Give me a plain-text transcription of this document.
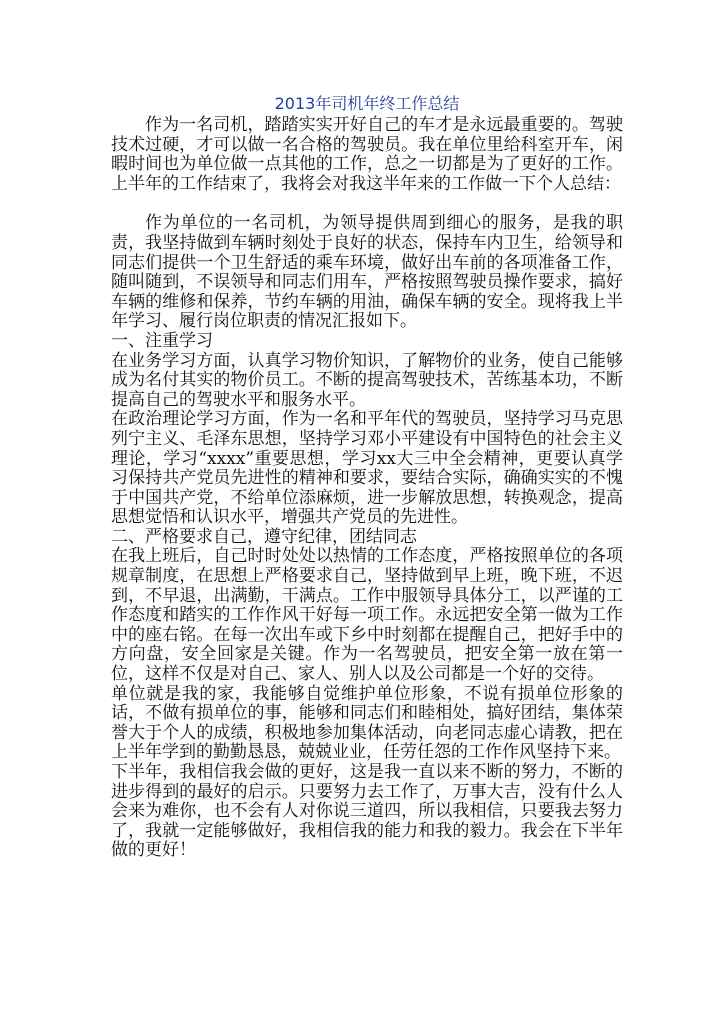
2013年司机年终工作总结

作为一名司机，踏踏实实开好自己的车才是永远最重要的。驾驶技术过硬，才可以做一名合格的驾驶员。我在单位里给科室开车，闲暇时间也为单位做一点其他的工作，总之一切都是为了更好的工作。上半年的工作结束了，我将会对我这半年来的工作做一下个人总结：

作为单位的一名司机，为领导提供周到细心的服务，是我的职责，我坚持做到车辆时刻处于良好的状态，保持车内卫生，给领导和同志们提供一个卫生舒适的乘车环境，做好出车前的各项准备工作，随叫随到，不误领导和同志们用车，严格按照驾驶员操作要求，搞好车辆的维修和保养，节约车辆的用油，确保车辆的安全。现将我上半年学习、履行岗位职责的情况汇报如下。

一、注重学习

在业务学习方面，认真学习物价知识，了解物价的业务，使自己能够成为名付其实的物价员工。不断的提高驾驶技术，苦练基本功，不断提高自己的驾驶水平和服务水平。

在政治理论学习方面，作为一名和平年代的驾驶员，坚持学习马克思列宁主义、毛泽东思想，坚持学习邓小平建设有中国特色的社会主义理论，学习“xxxx”重要思想，学习xx大三中全会精神，更要认真学习保持共产党员先进性的精神和要求，要结合实际，确确实实的不愧于中国共产党，不给单位添麻烦，进一步解放思想，转换观念，提高思想觉悟和认识水平，增强共产党员的先进性。

二、严格要求自己，遵守纪律，团结同志

在我上班后，自己时时处处以热情的工作态度，严格按照单位的各项规章制度，在思想上严格要求自己，坚持做到早上班，晚下班，不迟到，不早退，出满勤，干满点。工作中服领导具体分工，以严谨的工作态度和踏实的工作作风干好每一项工作。永远把安全第一做为工作中的座右铭。在每一次出车或下乡中时刻都在提醒自己，把好手中的方向盘，安全回家是关键。作为一名驾驶员，把安全第一放在第一位，这样不仅是对自己、家人、别人以及公司都是一个好的交待。

单位就是我的家，我能够自觉维护单位形象，不说有损单位形象的话，不做有损单位的事，能够和同志们和睦相处，搞好团结，集体荣誉大于个人的成绩，积极地参加集体活动，向老同志虚心请教，把在上半年学到的勤勤恳恳，兢兢业业，任劳任怨的工作作风坚持下来。

下半年，我相信我会做的更好，这是我一直以来不断的努力，不断的进步得到的最好的启示。只要努力去工作了，万事大吉，没有什么人会来为难你，也不会有人对你说三道四，所以我相信，只要我去努力了，我就一定能够做好，我相信我的能力和我的毅力。我会在下半年做的更好！
